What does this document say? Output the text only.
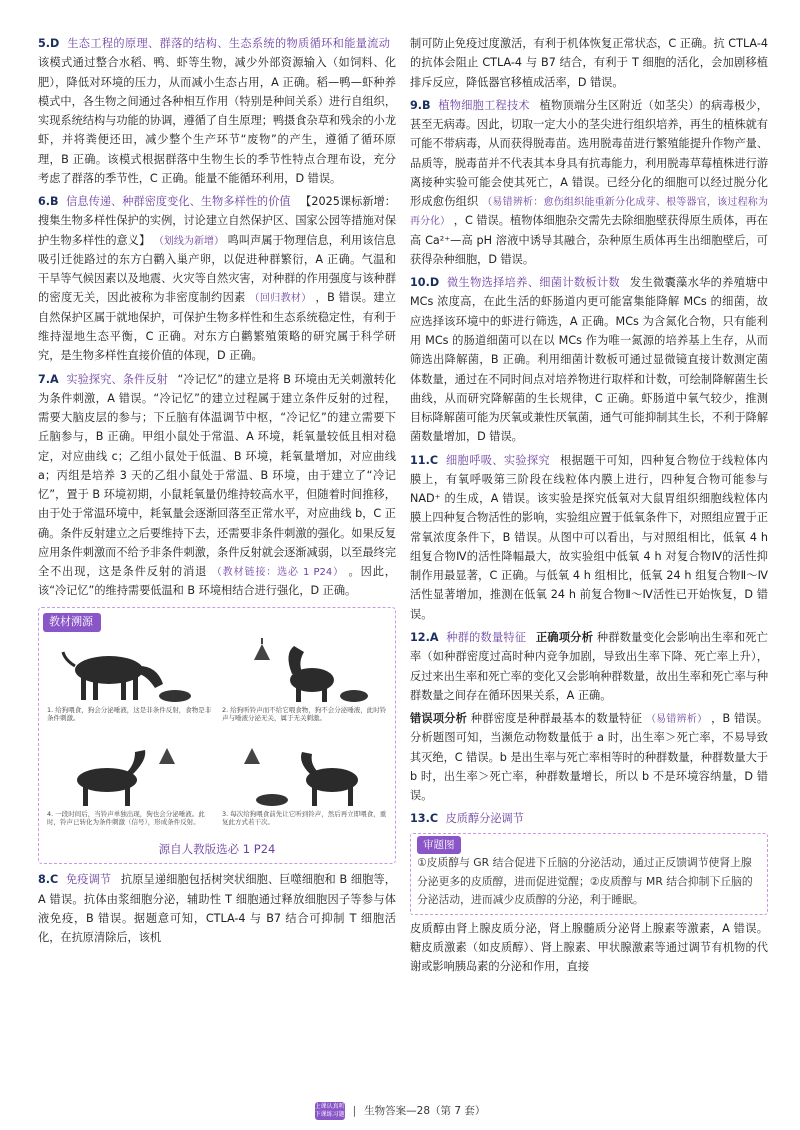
5.D 生态工程的原理、群落的结构、生态系统的物质循环和能量流动 该模式通过整合水稻、鸭、虾等生物，减少外部资源输入（如饲料、化肥），降低对环境的压力，从而减小生态占用，A 正确。稻—鸭—虾种养模式中，各生物之间通过各种相互作用（特别是种间关系）进行自组织，实现系统结构与功能的协调，遵循了自生原理；鸭摄食杂草和残余的小龙虾，并将粪便还田，减少整个生产环节“废物”的产生，遵循了循环原理，B 正确。该模式根据群落中生物生长的季节性特点合理布设，充分考虑了群落的季节性，C 正确。能量不能循环利用，D 错误。

6.B 信息传递、种群密度变化、生物多样性的价值 【2025课标新增：搜集生物多样性保护的实例，讨论建立自然保护区、国家公园等措施对保护生物多样性的意义】 （划线为新增） 鸣叫声属于物理信息，利用该信息吸引迁徙路过的东方白鹳入巢产卵，以促进种群繁衍，A 正确。气温和干旱等气候因素以及地震、火灾等自然灾害，对种群的作用强度与该种群的密度无关，因此被称为非密度制约因素 （回归教材） ，B 错误。建立自然保护区属于就地保护，可保护生物多样性和生态系统稳定性，有利于维持湿地生态平衡，C 正确。对东方白鹳繁殖策略的研究属于科学研究，是生物多样性直接价值的体现，D 正确。

7.A 实验探究、条件反射 “冷记忆”的建立是将 B 环境由无关刺激转化为条件刺激，A 错误。“冷记忆”的建立过程属于建立条件反射的过程，需要大脑皮层的参与；下丘脑有体温调节中枢，“冷记忆”的建立需要下丘脑参与，B 正确。甲组小鼠处于常温、A 环境，耗氧量较低且相对稳定，对应曲线 c；乙组小鼠处于低温、B 环境，耗氧量增加，对应曲线 a；丙组是培养 3 天的乙组小鼠处于常温、B 环境，由于建立了“冷记忆”，置于 B 环境初期，小鼠耗氧量仍维持较高水平，但随着时间推移，由于处于常温环境中，耗氧量会逐渐回落至正常水平，对应曲线 b，C 正确。条件反射建立之后要维持下去，还需要非条件刺激的强化。如果反复应用条件刺激而不给予非条件刺激，条件反射就会逐渐减弱，以至最终完全不出现，这是条件反射的消退 （教材链接：选必 1 P24） 。因此，该“冷记忆”的维持需要低温和 B 环境相结合进行强化，D 正确。

教材溯源
1. 给狗喂食，狗会分泌唾液，这是非条件反射，食物是非条件刺激。
2. 给狗听铃声而不给它喂食物，狗不会分泌唾液，此时铃声与唾液分泌无关，属于无关刺激。
4. 一段时间后，当铃声单独出现，狗也会分泌唾液。此时，铃声已转化为条件刺激（信号），形成条件反射。
3. 每次给狗喂食前先让它听到铃声，然后再立即喂食，重复此方式若干次。
源自人教版选必 1 P24

8.C 免疫调节 抗原呈递细胞包括树突状细胞、巨噬细胞和 B 细胞等，A 错误。抗体由浆细胞分泌，辅助性 T 细胞通过释放细胞因子等参与体液免疫，B 错误。据题意可知，CTLA-4 与 B7 结合可抑制 T 细胞活化，在抗原清除后，该机

制可防止免疫过度激活，有利于机体恢复正常状态，C 正确。抗 CTLA-4 的抗体会阻止 CTLA-4 与 B7 结合，有利于 T 细胞的活化，会加剧移植排斥反应，降低器官移植成活率，D 错误。

9.B 植物细胞工程技术 植物顶端分生区附近（如茎尖）的病毒极少，甚至无病毒。因此，切取一定大小的茎尖进行组织培养，再生的植株就有可能不带病毒，从而获得脱毒苗。选用脱毒苗进行繁殖能提升作物产量、品质等，脱毒苗并不代表其本身具有抗毒能力，利用脱毒草莓植株进行游离接种实验可能会使其死亡，A 错误。已经分化的细胞可以经过脱分化形成愈伤组织 （易错辨析：愈伤组织能重新分化成芽、根等器官，该过程称为再分化） ，C 错误。植物体细胞杂交需先去除细胞壁获得原生质体，再在高 Ca²⁺—高 pH 溶液中诱导其融合，杂种原生质体再生出细胞壁后，可获得杂种细胞，D 错误。

10.D 微生物选择培养、细菌计数板计数 发生微囊藻水华的养殖塘中 MCs 浓度高，在此生活的虾肠道内更可能富集能降解 MCs 的细菌，故应选择该环境中的虾进行筛选，A 正确。MCs 为含氮化合物，只有能利用 MCs 的肠道细菌可以在以 MCs 作为唯一氮源的培养基上生存，从而筛选出降解菌，B 正确。利用细菌计数板可通过显微镜直接计数测定菌体数量，通过在不同时间点对培养物进行取样和计数，可绘制降解菌生长曲线，从而研究降解菌的生长规律，C 正确。虾肠道中氧气较少，推测目标降解菌可能为厌氧或兼性厌氧菌，通气可能抑制其生长，不利于降解菌数量增加，D 错误。

11.C 细胞呼吸、实验探究 根据题干可知，四种复合物位于线粒体内膜上，有氧呼吸第三阶段在线粒体内膜上进行，四种复合物可能参与 NAD⁺ 的生成，A 错误。该实验是探究低氧对大鼠胃组织细胞线粒体内膜上四种复合物活性的影响，实验组应置于低氧条件下，对照组应置于正常氧浓度条件下，B 错误。从图中可以看出，与对照组相比，低氧 4 h 组复合物Ⅳ的活性降幅最大，故实验组中低氧 4 h 对复合物Ⅳ的活性抑制作用最显著，C 正确。与低氧 4 h 组相比，低氧 24 h 组复合物Ⅱ～Ⅳ活性显著增加，推测在低氧 24 h 前复合物Ⅱ～Ⅳ活性已开始恢复，D 错误。

12.A 种群的数量特征 正确项分析 种群数量变化会影响出生率和死亡率（如种群密度过高时种内竞争加剧，导致出生率下降、死亡率上升），反过来出生率和死亡率的变化又会影响种群数量，故出生率和死亡率与种群数量之间存在循环因果关系，A 正确。

错误项分析 种群密度是种群最基本的数量特征 （易错辨析） ，B 错误。分析题图可知，当濒危动物数量低于 a 时，出生率＞死亡率，不易导致其灭绝，C 错误。b 是出生率与死亡率相等时的种群数量，种群数量大于 b 时，出生率＞死亡率，种群数量增长，所以 b 不是环境容纳量，D 错误。

13.C 皮质醇分泌调节

审题图
①皮质醇与 GR 结合促进下丘脑的分泌活动，通过正反馈调节使肾上腺分泌更多的皮质醇，进而促进觉醒；②皮质醇与 MR 结合抑制下丘脑的分泌活动，进而减少皮质醇的分泌，利于睡眠。

皮质醇由肾上腺皮质分泌，肾上腺髓质分泌肾上腺素等激素，A 错误。糖皮质激素（如皮质醇）、肾上腺素、甲状腺激素等通过调节有机物的代谢或影响胰岛素的分泌和作用，直接

上课认真听 下课练习题 | 生物答案—28（第 7 套）
